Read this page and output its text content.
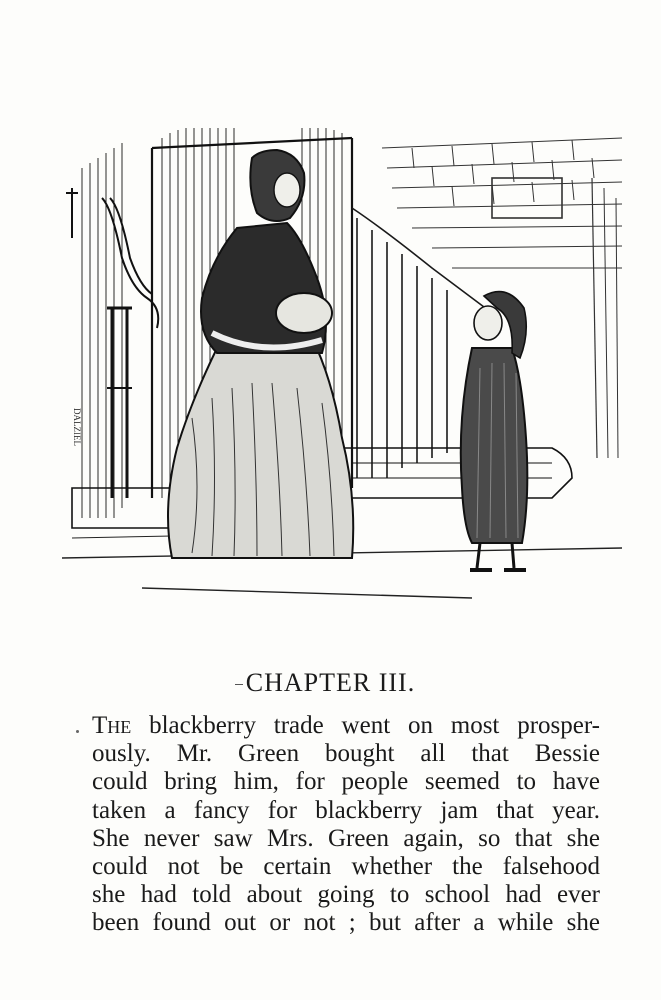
DALZIEL
CHAPTER III.
The blackberry trade went on most prosper-
ously. Mr. Green bought all that Bessie
could bring him, for people seemed to have
taken a fancy for blackberry jam that year.
She never saw Mrs. Green again, so that she
could not be certain whether the falsehood
she had told about going to school had ever
been found out or not ; but after a while she
